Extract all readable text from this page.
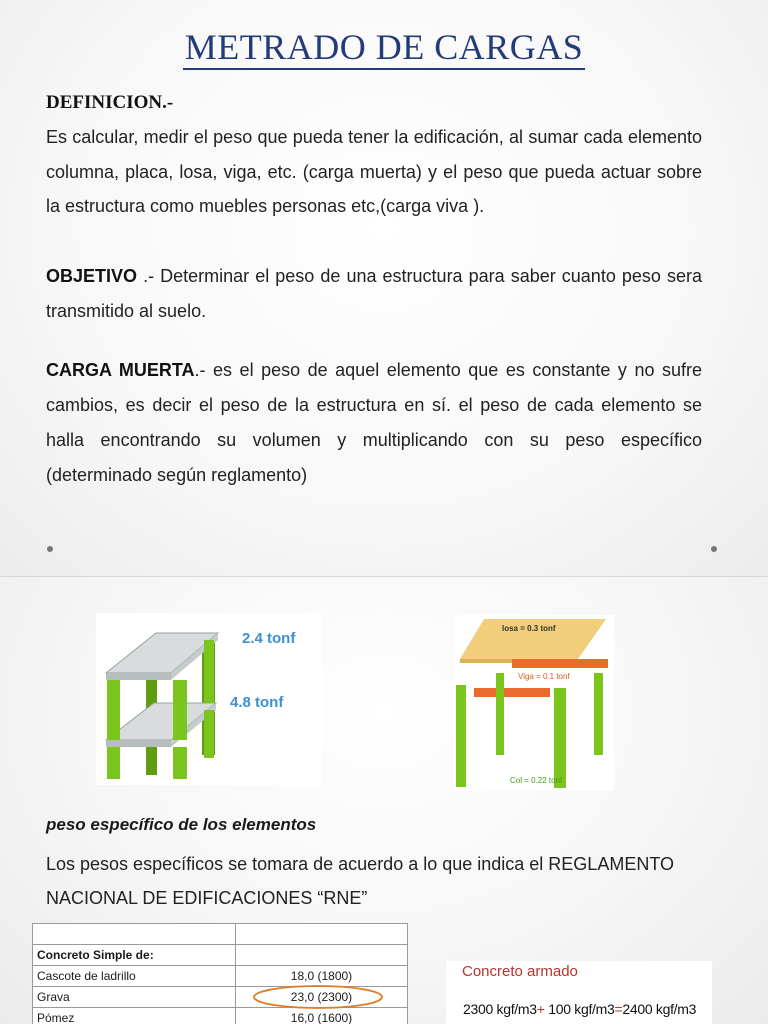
METRADO DE CARGAS
DEFINICION.-

Es calcular, medir el peso que pueda tener la edificación, al sumar cada elemento columna, placa, losa, viga, etc. (carga muerta) y el peso que pueda actuar sobre la estructura como muebles personas etc,(carga viva ).

OBJETIVO .- Determinar el peso de una estructura para saber cuanto peso sera transmitido al suelo.

CARGA MUERTA.- es el peso de aquel elemento que es constante y no sufre cambios, es decir el peso de la estructura en sí. el peso de cada elemento se halla encontrando su volumen y multiplicando con su peso específico (determinado según reglamento)

2.4 tonf
4.8 tonf
losa = 0.3 tonf
Viga = 0.1 tonf
Col = 0.22 tonf
peso específico de los elementos

Los pesos específicos se tomara de acuerdo a lo que indica el REGLAMENTO NACIONAL DE EDIFICACIONES “RNE”

Concreto Simple de:	
Cascote de ladrillo	18,0 (1800)
Grava	23,0 (2300)

Pómez	16,0 (1600)
Concreto armado
2300 kgf/m3+ 100 kgf/m3=2400 kgf/m3
